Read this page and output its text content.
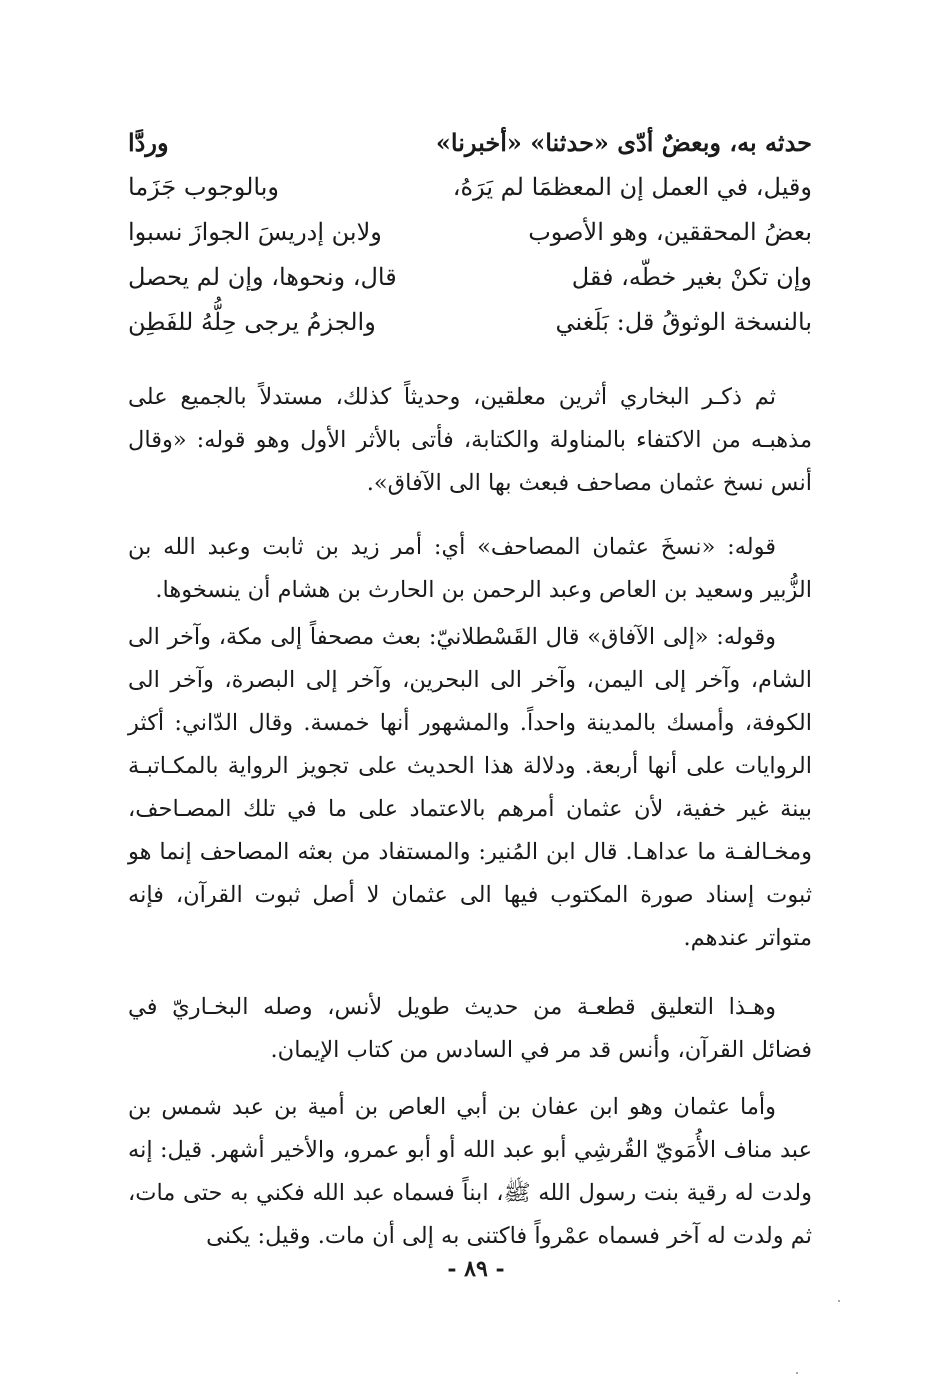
حدثه به، وبعضٌ أدّى «حدثنا» «أخبرنا»
وردَّا
وقيل، في العمل إن المعظمَا لم يَرَهُ،
وبالوجوب جَزَما
بعضُ المحققين، وهو الأصوب
ولابن إدريسَ الجوازَ نسبوا
وإن تكنْ بغير خطّه، فقل
قال، ونحوها، وإن لم يحصل
بالنسخة الوثوقُ قل: بَلَغني
والجزمُ يرجى حِلُّهُ للفَطِن

ثم ذكـر البخاري أثرين معلقين، وحديثاً كذلك، مستدلاً بالجميع على مذهبـه من الاكتفاء بالمناولة والكتابة، فأتى بالأثر الأول وهو قوله: «وقال أنس نسخ عثمان مصاحف فبعث بها الى الآفاق».

قوله: «نسخَ عثمان المصاحف» أي: أمر زيد بن ثابت وعبد الله بن الزُّبير وسعيد بن العاص وعبد الرحمن بن الحارث بن هشام أن ينسخوها.

وقوله: «إلى الآفاق» قال القَسْطلانيّ: بعث مصحفاً إلى مكة، وآخر الى الشام، وآخر إلى اليمن، وآخر الى البحرين، وآخر إلى البصرة، وآخر الى الكوفة، وأمسك بالمدينة واحداً. والمشهور أنها خمسة. وقال الدّاني: أكثر الروايات على أنها أربعة. ودلالة هذا الحديث على تجويز الرواية بالمكـاتبـة بينة غير خفية، لأن عثمان أمرهم بالاعتماد على ما في تلك المصـاحف، ومخـالفـة ما عداهـا. قال ابن المُنير: والمستفاد من بعثه المصاحف إنما هو ثبوت إسناد صورة المكتوب فيها الى عثمان لا أصل ثبوت القرآن، فإنه متواتر عندهم.

وهـذا التعليق قطعـة من حديث طويل لأنس، وصله البخـاريّ في فضائل القرآن، وأنس قد مر في السادس من كتاب الإيمان.

وأما عثمان وهو ابن عفان بن أبي العاص بن أمية بن عبد شمس بن عبد مناف الأُمَويّ القُرشِي أبو عبد الله أو أبو عمرو، والأخير أشهر. قيل: إنه ولدت له رقية بنت رسول الله ﷺ، ابناً فسماه عبد الله فكني به حتى مات، ثم ولدت له آخر فسماه عمْرواً فاكتنى به إلى أن مات. وقيل: يكنى

- ٨٩ -
